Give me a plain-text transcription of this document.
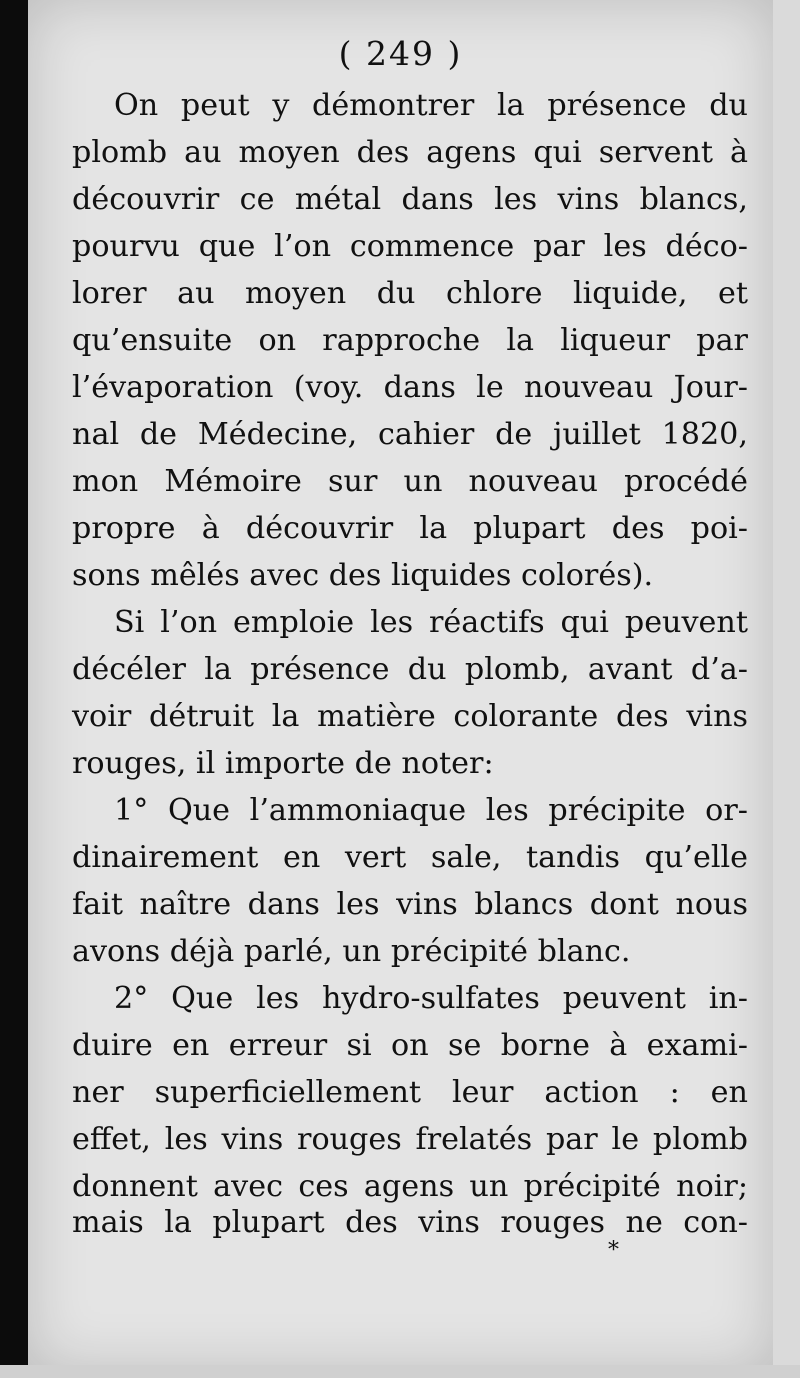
( 249 )
On peut y démontrer la présence du
plomb au moyen des agens qui servent à
découvrir ce métal dans les vins blancs,
pourvu que l’on commence par les déco-
lorer au moyen du chlore liquide, et
qu’ensuite on rapproche la liqueur par
l’évaporation (voy. dans le nouveau Jour-
nal de Médecine, cahier de juillet 1820,
mon Mémoire sur un nouveau procédé
propre à découvrir la plupart des poi-
sons mêlés avec des liquides colorés).
Si l’on emploie les réactifs qui peuvent
décéler la présence du plomb, avant d’a-
voir détruit la matière colorante des vins
rouges, il importe de noter:
1° Que l’ammoniaque les précipite or-
dinairement en vert sale, tandis qu’elle
fait naître dans les vins blancs dont nous
avons déjà parlé, un précipité blanc.
2° Que les hydro-sulfates peuvent in-
duire en erreur si on se borne à exami-
ner superficiellement leur action : en
effet, les vins rouges frelatés par le plomb
donnent avec ces agens un précipité noir;
mais la plupart des vins rouges ne con-
*
